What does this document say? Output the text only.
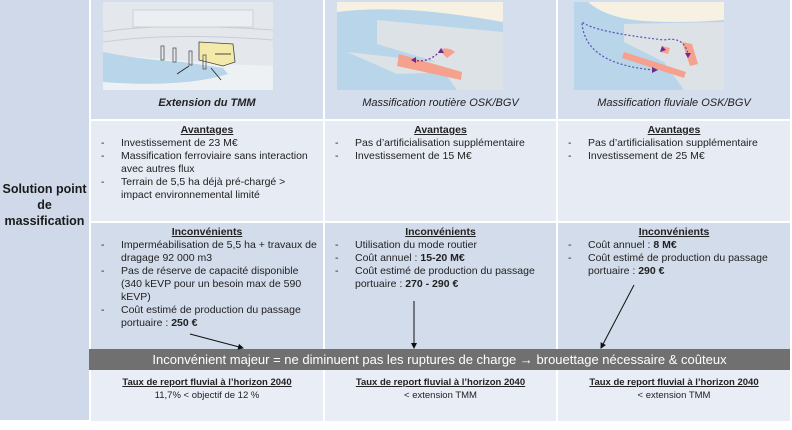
Solution point de massification
Extension du TMM	Massification routière OSK/BGV	Massification fluviale OSK/BGV
Avantages
- Investissement de 23 M€
- Massification ferroviaire sans interaction avec autres flux
- Terrain de 5,5 ha déjà pré-chargé > impact environnemental limité
Avantages
- Pas d’artificialisation supplémentaire
- Investissement de 15 M€
Avantages
- Pas d’artificialisation supplémentaire
- Investissement de 25 M€
Inconvénients
- Imperméabilisation de 5,5 ha + travaux de dragage 92 000 m3
- Pas de réserve de capacité disponible (340 kEVP pour un besoin max de 590 kEVP)
- Coût estimé de production du passage portuaire : 250 €
Inconvénients
- Utilisation du mode routier
- Coût annuel : 15-20 M€
- Coût estimé de production du passage portuaire : 270 - 290 €
Inconvénients
- Coût annuel : 8 M€
- Coût estimé de production du passage portuaire : 290 €
Inconvénient majeur = ne diminuent pas les ruptures de charge → brouettage nécessaire & coûteux
Taux de report fluvial à l’horizon 2040
11,7% < objectif de 12 %
Taux de report fluvial à l’horizon 2040
< extension TMM
Taux de report fluvial à l’horizon 2040
< extension TMM
